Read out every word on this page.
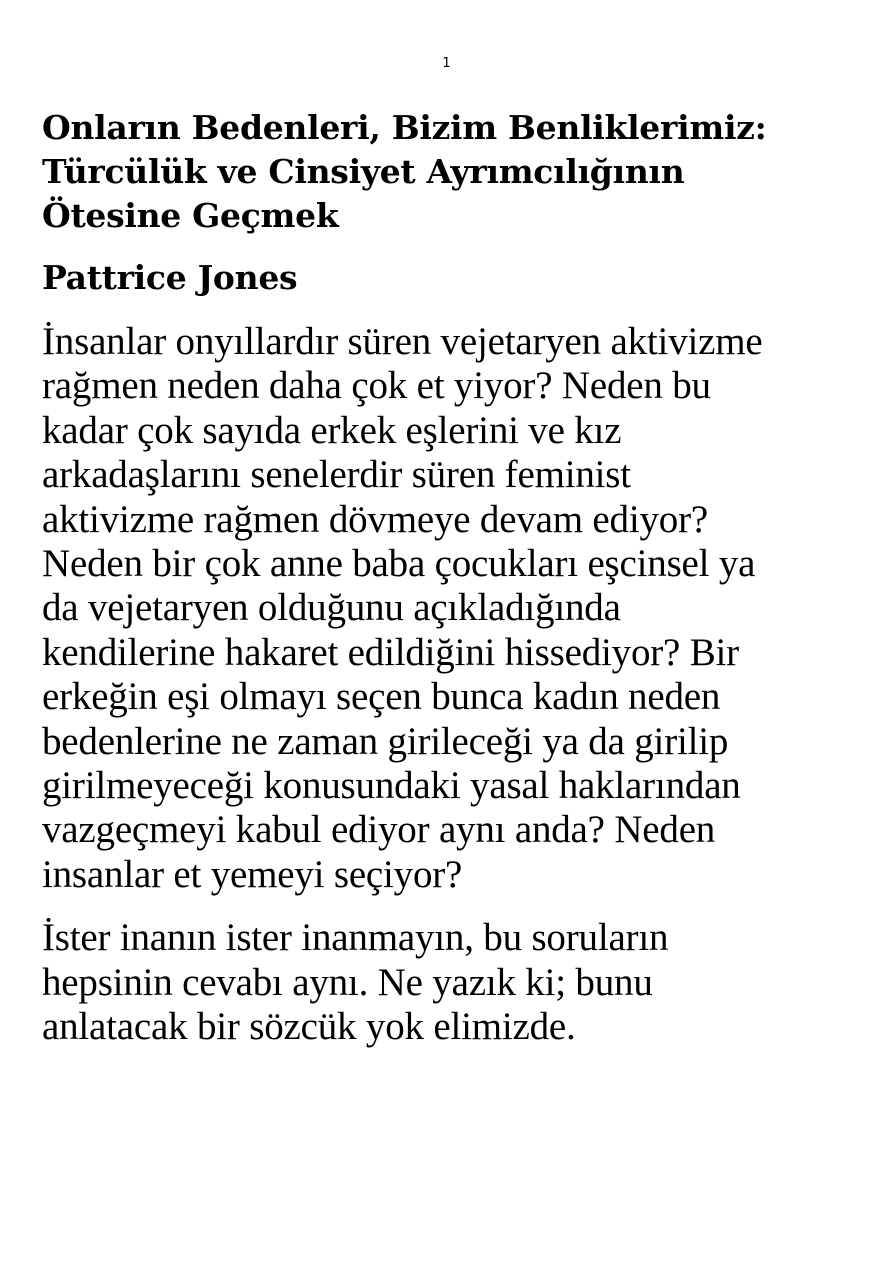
1
Onların Bedenleri, Bizim Benliklerimiz:
Türcülük ve Cinsiyet Ayrımcılığının
Ötesine Geçmek
Pattrice Jones

İnsanlar onyıllardır süren vejetaryen aktivizme
rağmen neden daha çok et yiyor? Neden bu
kadar çok sayıda erkek eşlerini ve kız
arkadaşlarını senelerdir süren feminist
aktivizme rağmen dövmeye devam ediyor?
Neden bir çok anne baba çocukları eşcinsel ya
da vejetaryen olduğunu açıkladığında
kendilerine hakaret edildiğini hissediyor? Bir
erkeğin eşi olmayı seçen bunca kadın neden
bedenlerine ne zaman girileceği ya da girilip
girilmeyeceği konusundaki yasal haklarından
vazgeçmeyi kabul ediyor aynı anda? Neden
insanlar et yemeyi seçiyor?

İster inanın ister inanmayın, bu soruların
hepsinin cevabı aynı. Ne yazık ki; bunu
anlatacak bir sözcük yok elimizde.
